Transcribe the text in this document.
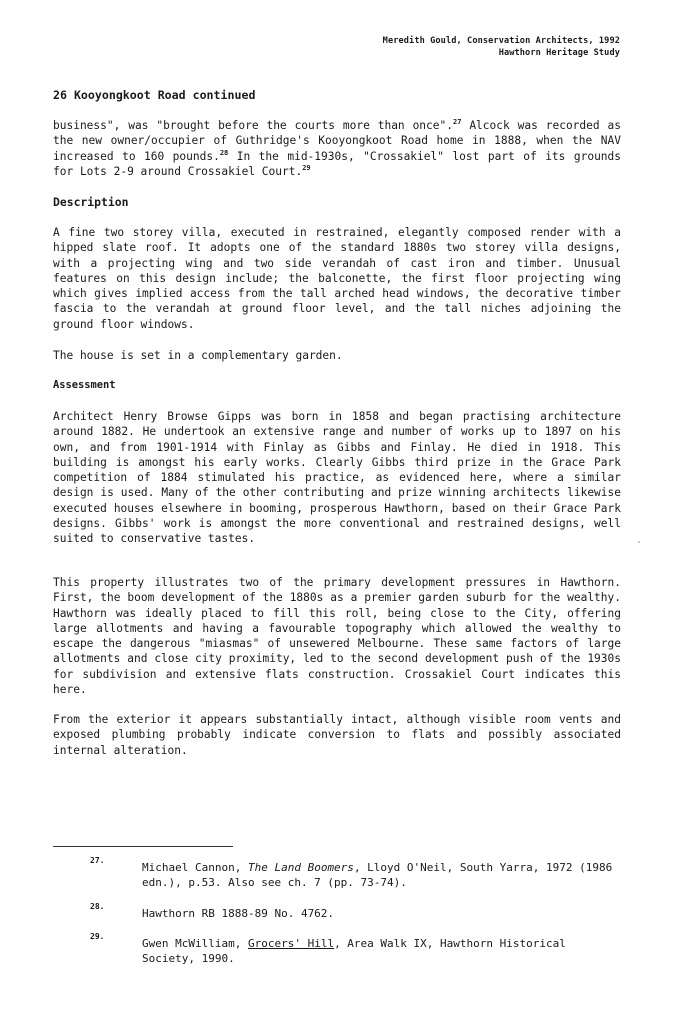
Meredith Gould, Conservation Architects, 1992
Hawthorn Heritage Study
26 Kooyongkoot Road continued
business", was "brought before the courts more than once".$^{27}$ Alcock was recorded as the new owner/occupier of Guthridge's Kooyongkoot Road home in 1888, when the NAV increased to 160 pounds.$^{28}$ In the mid-1930s, "Crossakiel" lost part of its grounds for Lots 2-9 around Crossakiel Court.$^{29}$
Description
A fine two storey villa, executed in restrained, elegantly composed render with a hipped slate roof. It adopts one of the standard 1880s two storey villa designs, with a projecting wing and two side verandah of cast iron and timber. Unusual features on this design include; the balconette, the first floor projecting wing which gives implied access from the tall arched head windows, the decorative timber fascia to the verandah at ground floor level, and the tall niches adjoining the ground floor windows.
The house is set in a complementary garden.
Assessment
Architect Henry Browse Gipps was born in 1858 and began practising architecture around 1882. He undertook an extensive range and number of works up to 1897 on his own, and from 1901-1914 with Finlay as Gibbs and Finlay. He died in 1918. This building is amongst his early works. Clearly Gibbs third prize in the Grace Park competition of 1884 stimulated his practice, as evidenced here, where a similar design is used. Many of the other contributing and prize winning architects likewise executed houses elsewhere in booming, prosperous Hawthorn, based on their Grace Park designs. Gibbs' work is amongst the more conventional and restrained designs, well suited to conservative tastes.
This property illustrates two of the primary development pressures in Hawthorn. First, the boom development of the 1880s as a premier garden suburb for the wealthy. Hawthorn was ideally placed to fill this roll, being close to the City, offering large allotments and having a favourable topography which allowed the wealthy to escape the dangerous "miasmas" of unsewered Melbourne. These same factors of large allotments and close city proximity, led to the second development push of the 1930s for subdivision and extensive flats construction. Crossakiel Court indicates this here.
From the exterior it appears substantially intact, although visible room vents and exposed plumbing probably indicate conversion to flats and possibly associated internal alteration.
27.
Michael Cannon, The Land Boomers, Lloyd O'Neil, South Yarra, 1972 (1986 edn.), p.53. Also see ch. 7 (pp. 73-74).
28.
Hawthorn RB 1888-89 No. 4762.
29.
Gwen McWilliam, Grocers' Hill, Area Walk IX, Hawthorn Historical Society, 1990.
